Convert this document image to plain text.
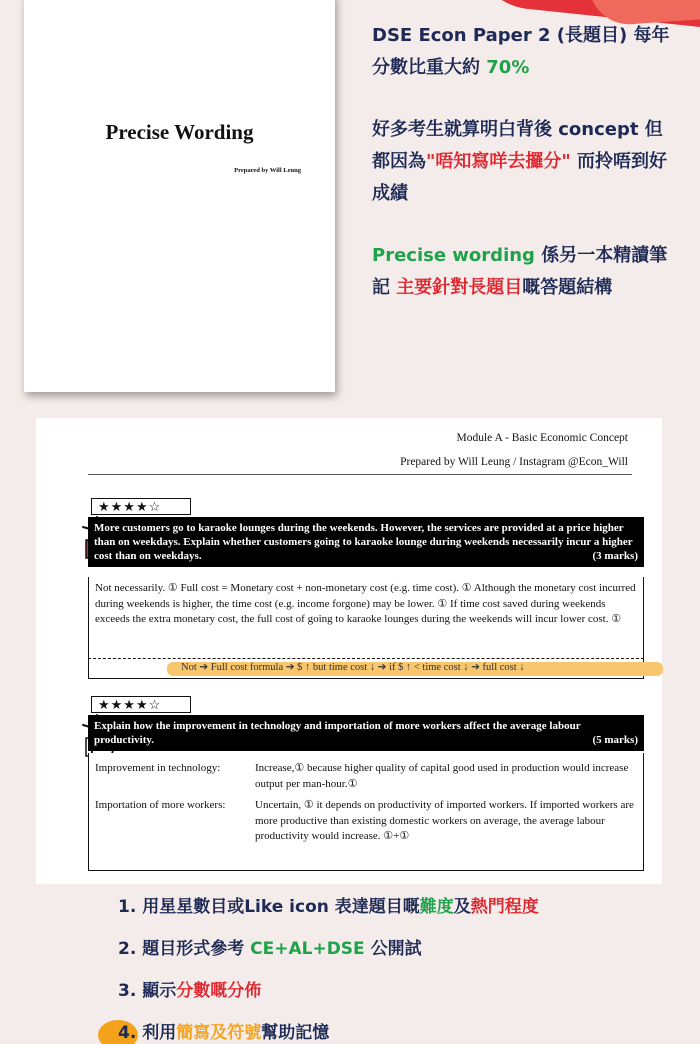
Precise Wording
Prepared by Will Leung

DSE Econ Paper 2 (長題目) 每年分數比重大約 70%

好多考生就算明白背後 concept 但都因為"唔知寫咩去攞分" 而拎唔到好成績

Precise wording 係另一本精讀筆記 主要針對長題目嘅答題結構

Module A - Basic Economic Concept
Prepared by Will Leung / Instagram @Econ_Will
★★★★☆
More customers go to karaoke lounges during the weekends. However, the services are provided at a price higher than on weekdays. Explain whether customers going to karaoke lounge during weekends necessarily incur a higher cost than on weekdays.	(3 marks)
Not necessarily. ① Full cost = Monetary cost + non-monetary cost (e.g. time cost). ① Although the monetary cost incurred during weekends is higher, the time cost (e.g. income forgone) may be lower. ① If time cost saved during weekends exceeds the extra monetary cost, the full cost of going to karaoke lounges during the weekends will incur lower cost. ①
Not ➔ Full cost formula ➔ $ ↑ but time cost ↓ ➔ if $ ↑ < time cost ↓ ➔ full cost ↓
★★★★☆
Explain how the improvement in technology and importation of more workers affect the average labour productivity.	(5 marks)
Improvement in technology:	Increase,① because higher quality of capital good used in production would increase output per man-hour.①
Importation of more workers:	Uncertain, ① it depends on productivity of imported workers. If imported workers are more productive than existing domestic workers on average, the average labour productivity would increase. ①+①
1. 用星星數目或Like icon 表達題目嘅難度及熱門程度
2. 題目形式參考 CE+AL+DSE 公開試
3. 顯示分數嘅分佈
4. 利用簡寫及符號幫助記憶
